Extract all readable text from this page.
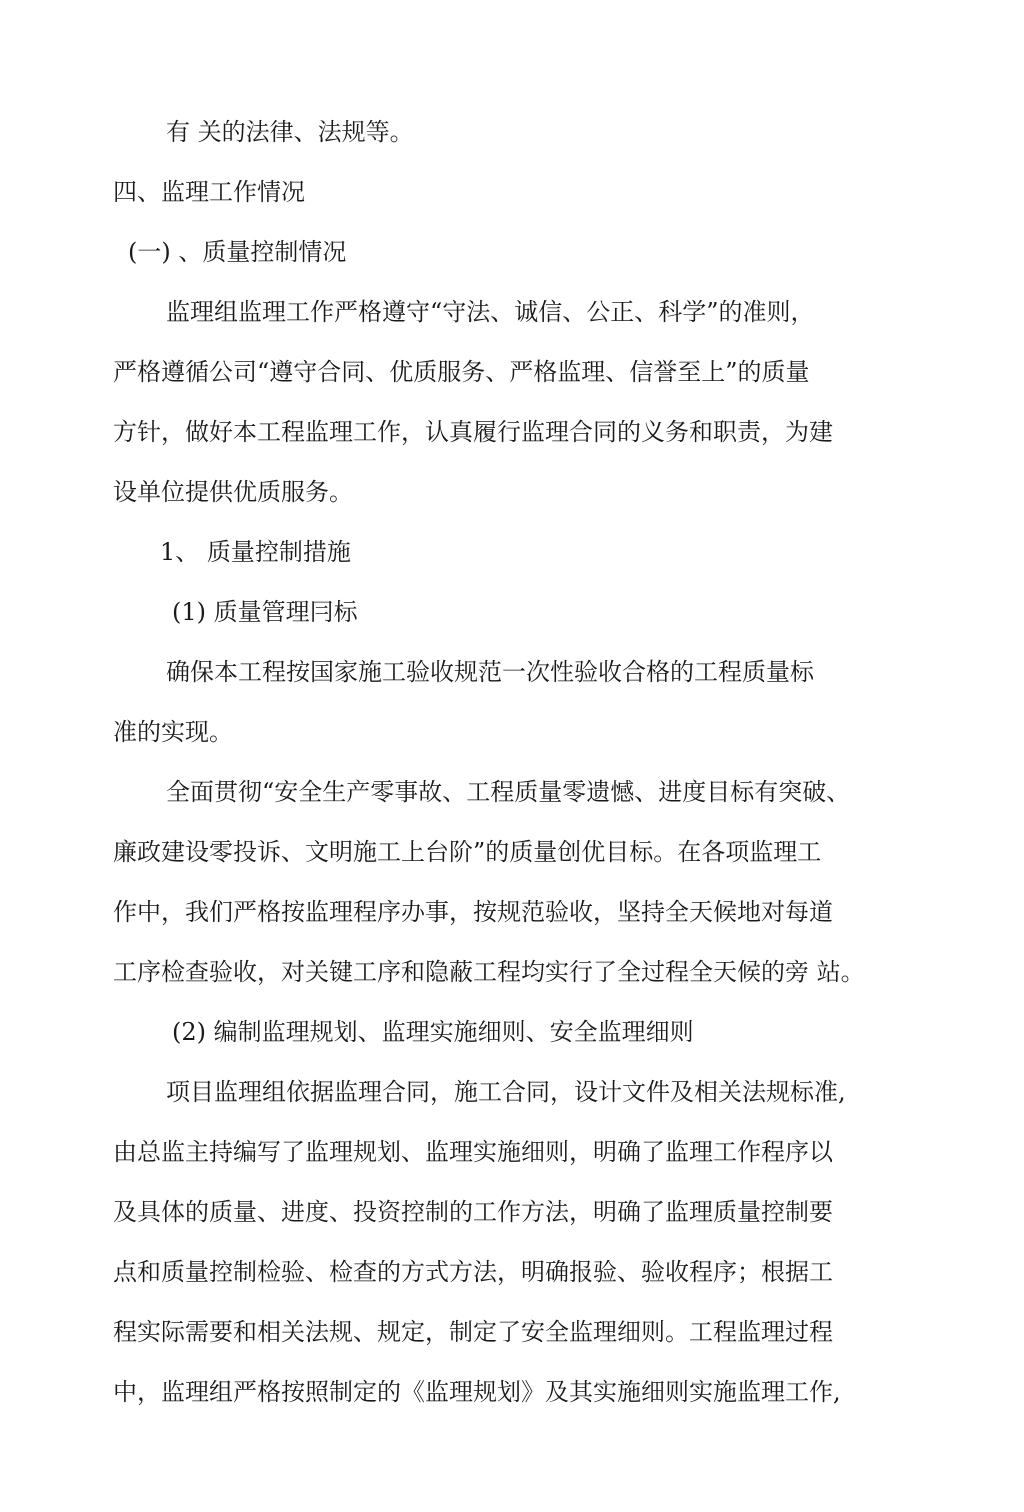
有 关的法律、法规等。
四、监理工作情况
(一) 、质量控制情况
监理组监理工作严格遵守“守法、诚信、公正、科学”的准则，
严格遵循公司“遵守合同、优质服务、严格监理、信誉至上”的质量
方针，做好本工程监理工作，认真履行监理合同的义务和职责，为建
设单位提供优质服务。
1、 质量控制措施
(1) 质量管理冃标
确保本工程按国家施工验收规范一次性验收合格的工程质量标
准的实现。
全面贯彻“安全生产零事故、工程质量零遗憾、进度目标有突破、
廉政建设零投诉、文明施工上台阶”的质量创优目标。在各项监理工
作中，我们严格按监理程序办事，按规范验收，坚持全天候地对每道
工序检查验收，对关键工序和隐蔽工程均实行了全过程全天候的旁 站。
(2) 编制监理规划、监理实施细则、安全监理细则
项目监理组依据监理合同，施工合同，设计文件及相关法规标准,
由总监主持编写了监理规划、监理实施细则，明确了监理工作程序以
及具体的质量、进度、投资控制的工作方法，明确了监理质量控制要
点和质量控制检验、检查的方式方法，明确报验、验收程序；根据工
程实际需要和相关法规、规定，制定了安全监理细则。工程监理过程
中，监理组严格按照制定的《监理规划》及其实施细则实施监理工作,
